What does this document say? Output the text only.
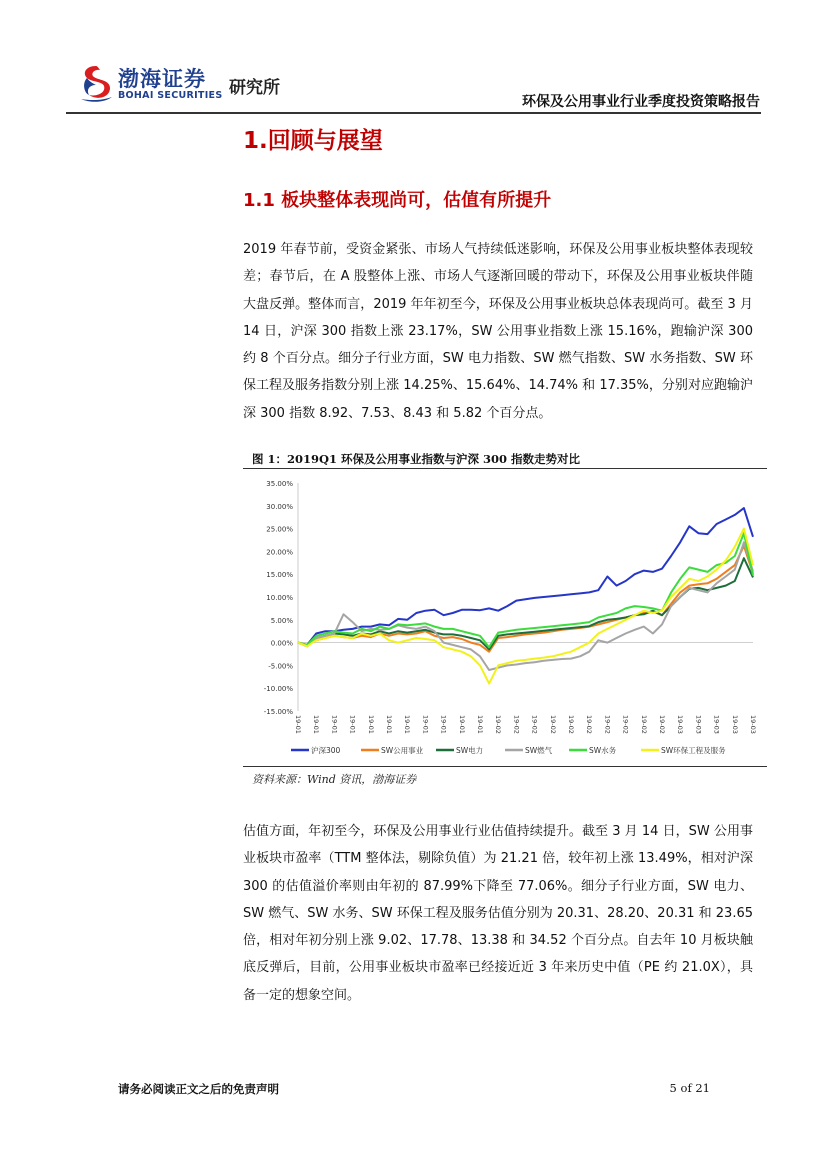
渤海证券
BOHAI SECURITIES 研究所
环保及公用事业行业季度投资策略报告
1.回顾与展望
1.1 板块整体表现尚可，估值有所提升
2019 年春节前，受资金紧张、市场人气持续低迷影响，环保及公用事业板块整体表现较差；春节后，在 A 股整体上涨、市场人气逐渐回暖的带动下，环保及公用事业板块伴随大盘反弹。整体而言，2019 年年初至今，环保及公用事业板块总体表现尚可。截至 3 月 14 日，沪深 300 指数上涨 23.17%，SW 公用事业指数上涨 15.16%，跑输沪深 300 约 8 个百分点。细分子行业方面，SW 电力指数、SW 燃气指数、SW 水务指数、SW 环保工程及服务指数分别上涨 14.25%、15.64%、14.74% 和 17.35%，分别对应跑输沪深 300 指数 8.92、7.53、8.43 和 5.82 个百分点。
图 1：2019Q1 环保及公用事业指数与沪深 300 指数走势对比
35.00%
30.00%
25.00%
20.00%
15.00%
10.00%
5.00%
0.00%
-5.00%
-10.00%
-15.00%
19-01 19-01 19-01 19-01 19-01 19-01 19-01 19-01 19-01 19-01 19-01 19-02 19-02 19-02 19-02 19-02 19-02 19-02 19-02 19-02 19-02 19-03 19-03 19-03 19-03 19-03
沪深300	SW公用事业	SW电力	SW燃气	SW水务	SW环保工程及服务
资料来源：Wind 资讯，渤海证券
估值方面，年初至今，环保及公用事业行业估值持续提升。截至 3 月 14 日，SW 公用事业板块市盈率（TTM 整体法，剔除负值）为 21.21 倍，较年初上涨 13.49%，相对沪深 300 的估值溢价率则由年初的 87.99%下降至 77.06%。细分子行业方面，SW 电力、SW 燃气、SW 水务、SW 环保工程及服务估值分别为 20.31、28.20、20.31 和 23.65 倍，相对年初分别上涨 9.02、17.78、13.38 和 34.52 个百分点。自去年 10 月板块触底反弹后，目前，公用事业板块市盈率已经接近近 3 年来历史中值（PE 约 21.0X），具备一定的想象空间。
请务必阅读正文之后的免责声明	5 of 21
